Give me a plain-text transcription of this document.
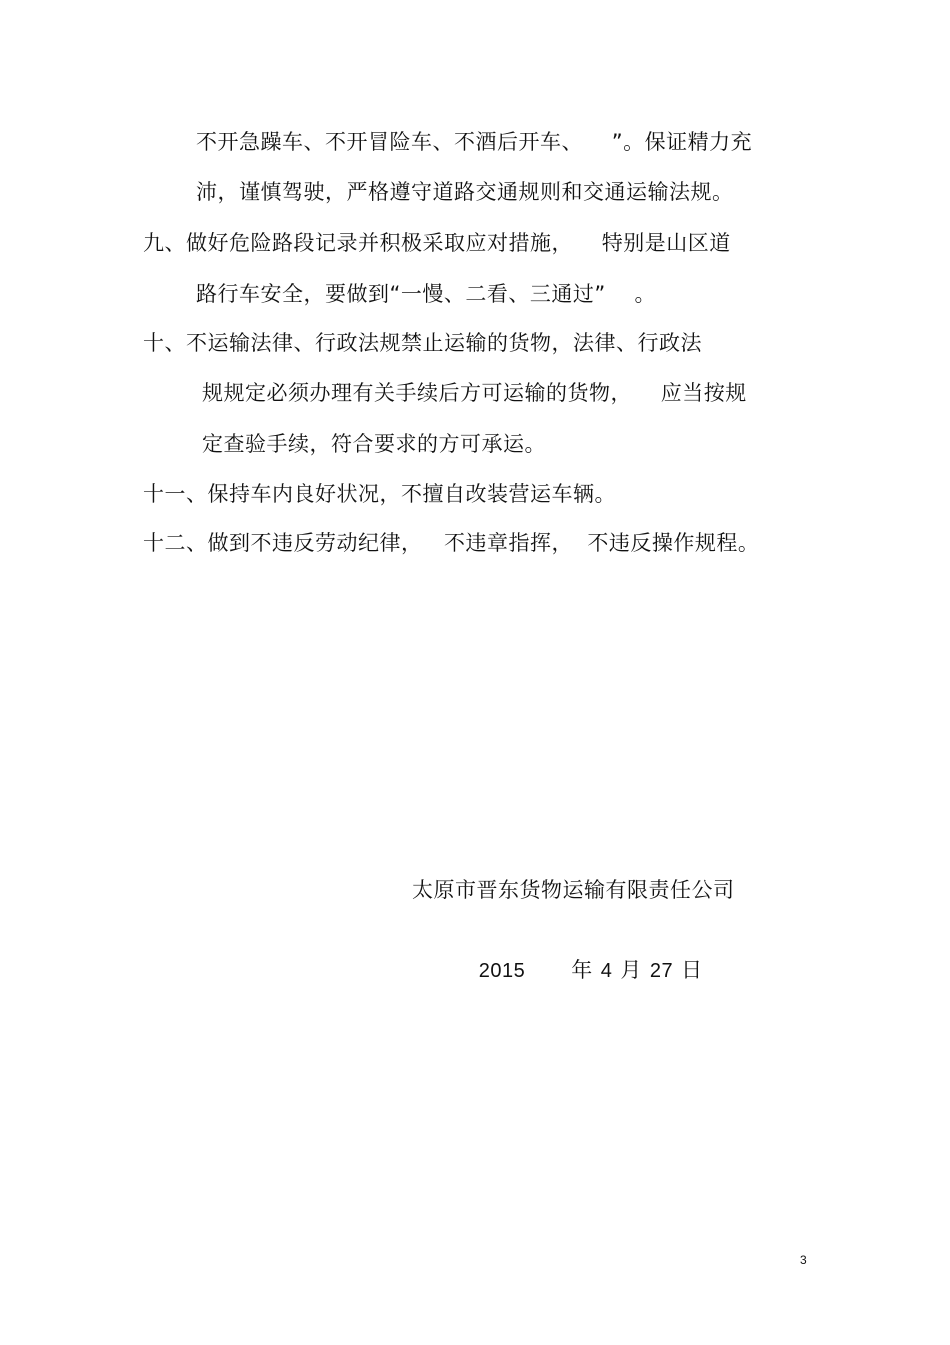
不开急躁车、不开冒险车、不酒后开车、    ”。保证精力充
沛，谨慎驾驶，严格遵守道路交通规则和交通运输法规。
九、做好危险路段记录并积极采取应对措施，    特别是山区道
路行车安全，要做到“一慢、二看、三通过”    。
十、不运输法律、行政法规禁止运输的货物，法律、行政法
规规定必须办理有关手续后方可运输的货物，    应当按规
定查验手续，符合要求的方可承运。
十一、保持车内良好状况，不擅自改装营运车辆。
十二、做到不违反劳动纪律，   不违章指挥，  不违反操作规程。
太原市晋东货物运输有限责任公司

2015 年 4 月 27 日

3
